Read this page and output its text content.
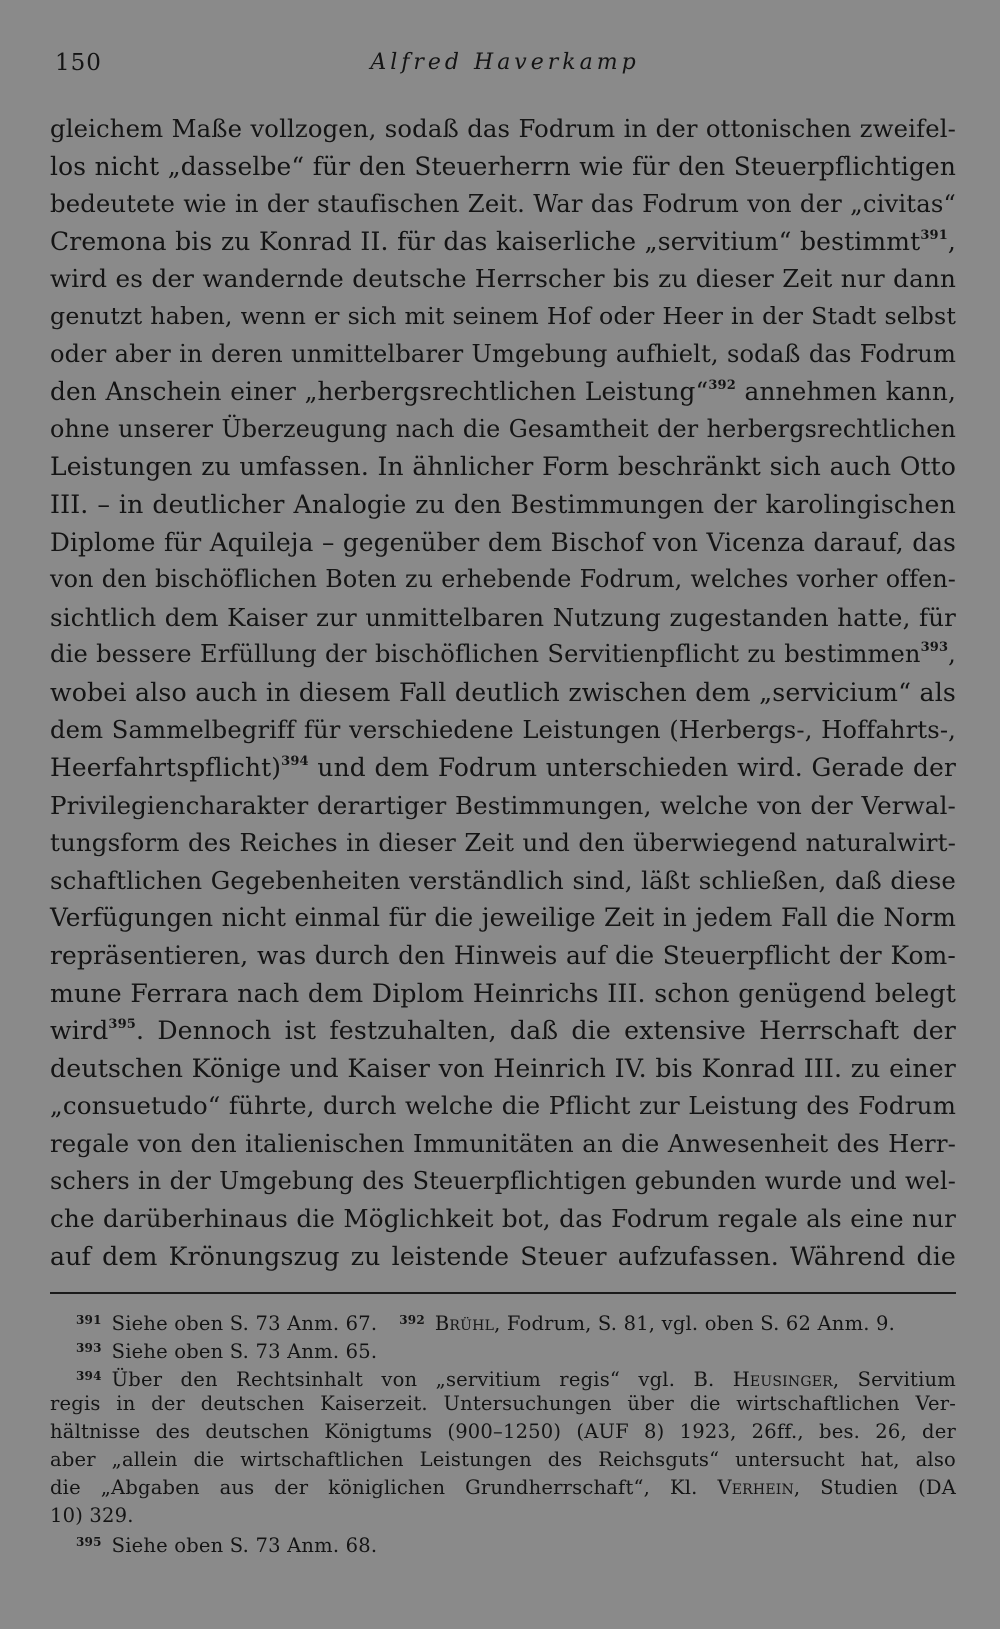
150	Alfred Haverkamp
gleichem Maße vollzogen, sodaß das Fodrum in der ottonischen zweifel-
los nicht „dasselbe“ für den Steuerherrn wie für den Steuerpflichtigen
bedeutete wie in der staufischen Zeit. War das Fodrum von der „civitas“
Cremona bis zu Konrad II. für das kaiserliche „servitium“ bestimmt$^{391}$,
wird es der wandernde deutsche Herrscher bis zu dieser Zeit nur dann
genutzt haben, wenn er sich mit seinem Hof oder Heer in der Stadt selbst
oder aber in deren unmittelbarer Umgebung aufhielt, sodaß das Fodrum
den Anschein einer „herbergsrechtlichen Leistung“$^{392}$ annehmen kann,
ohne unserer Überzeugung nach die Gesamtheit der herbergsrechtlichen
Leistungen zu umfassen. In ähnlicher Form beschränkt sich auch Otto
III. – in deutlicher Analogie zu den Bestimmungen der karolingischen
Diplome für Aquileja – gegenüber dem Bischof von Vicenza darauf, das
von den bischöflichen Boten zu erhebende Fodrum, welches vorher offen-
sichtlich dem Kaiser zur unmittelbaren Nutzung zugestanden hatte, für
die bessere Erfüllung der bischöflichen Servitienpflicht zu bestimmen$^{393}$,
wobei also auch in diesem Fall deutlich zwischen dem „servicium“ als
dem Sammelbegriff für verschiedene Leistungen (Herbergs-, Hoffahrts-,
Heerfahrtspflicht)$^{394}$ und dem Fodrum unterschieden wird. Gerade der
Privilegiencharakter derartiger Bestimmungen, welche von der Verwal-
tungsform des Reiches in dieser Zeit und den überwiegend naturalwirt-
schaftlichen Gegebenheiten verständlich sind, läßt schließen, daß diese
Verfügungen nicht einmal für die jeweilige Zeit in jedem Fall die Norm
repräsentieren, was durch den Hinweis auf die Steuerpflicht der Kom-
mune Ferrara nach dem Diplom Heinrichs III. schon genügend belegt
wird$^{395}$. Dennoch ist festzuhalten, daß die extensive Herrschaft der
deutschen Könige und Kaiser von Heinrich IV. bis Konrad III. zu einer
„consuetudo“ führte, durch welche die Pflicht zur Leistung des Fodrum
regale von den italienischen Immunitäten an die Anwesenheit des Herr-
schers in der Umgebung des Steuerpflichtigen gebunden wurde und wel-
che darüberhinaus die Möglichkeit bot, das Fodrum regale als eine nur
auf dem Krönungszug zu leistende Steuer aufzufassen. Während die
$^{391}$ Siehe oben S. 73 Anm. 67. $^{392}$ Brühl, Fodrum, S. 81, vgl. oben S. 62 Anm. 9.
$^{393}$ Siehe oben S. 73 Anm. 65.
$^{394}$ Über den Rechtsinhalt von „servitium regis“ vgl. B. Heusinger, Servitium
regis in der deutschen Kaiserzeit. Untersuchungen über die wirtschaftlichen Ver-
hältnisse des deutschen Königtums (900–1250) (AUF 8) 1923, 26ff., bes. 26, der
aber „allein die wirtschaftlichen Leistungen des Reichsguts“ untersucht hat, also
die „Abgaben aus der königlichen Grundherrschaft“, Kl. Verhein, Studien (DA
10) 329.
$^{395}$ Siehe oben S. 73 Anm. 68.
